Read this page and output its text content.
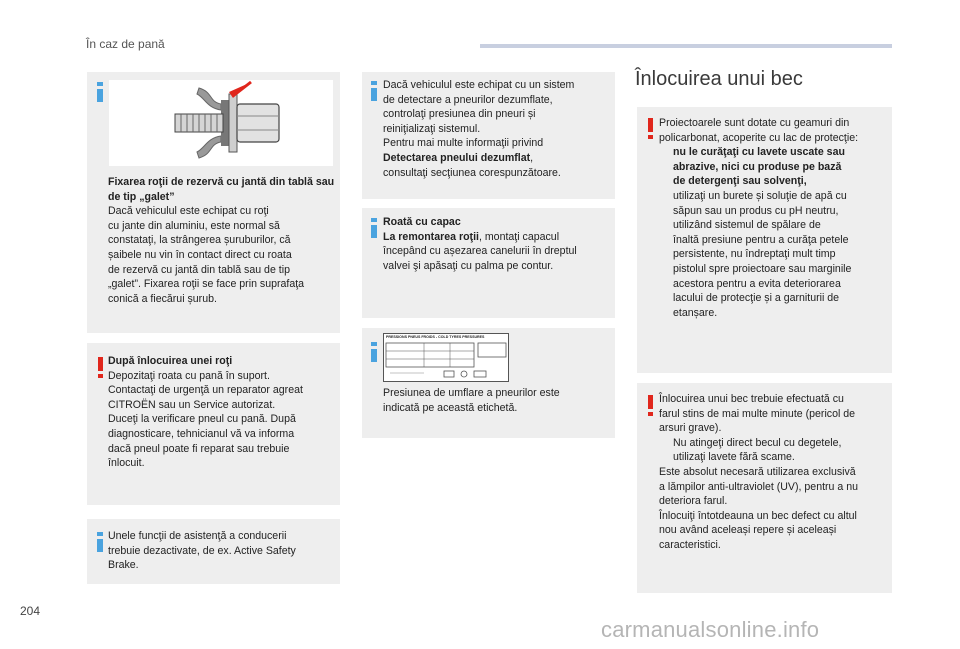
În caz de pană

Fixarea roţii de rezervă cu jantă din tablă sau de tip „galet”

Dacă vehiculul este echipat cu roţi

cu jante din aluminiu, este normal să

constataţi, la strângerea șuruburilor, că

șaibele nu vin în contact direct cu roata

de rezervă cu jantă din tablă sau de tip

„galet”. Fixarea roţii se face prin suprafaţa

conică a fiecărui șurub.

După înlocuirea unei roţi

Depozitaţi roata cu pană în suport.

Contactaţi de urgenţă un reparator agreat

CITROËN sau un Service autorizat.

Duceţi la verificare pneul cu pană. După

diagnosticare, tehnicianul vă va informa

dacă pneul poate fi reparat sau trebuie

înlocuit.

Unele funcţii de asistenţă a conducerii

trebuie dezactivate, de ex. Active Safety

Brake.

Dacă vehiculul este echipat cu un sistem

de detectare a pneurilor dezumflate,

controlaţi presiunea din pneuri și

reiniţializaţi sistemul.

Pentru mai multe informaţii privind

Detectarea pneului dezumflat,

consultaţi secţiunea corespunzătoare.

Roată cu capac

La remontarea roţii, montaţi capacul

începând cu așezarea canelurii în dreptul

valvei şi apăsaţi cu palma pe contur.

PRESSIONS PNEUS FROIDS - COLD TYRES PRESSURES

Presiunea de umflare a pneurilor este

indicată pe această etichetă.

Înlocuirea unui bec

Proiectoarele sunt dotate cu geamuri din

policarbonat, acoperite cu lac de protecţie:

nu le curăţaţi cu lavete uscate sau

abrazive, nici cu produse pe bază

de detergenţi sau solvenţi,

utilizaţi un burete și soluţie de apă cu

săpun sau un produs cu pH neutru,

utilizând sistemul de spălare de

înaltă presiune pentru a curăţa petele

persistente, nu îndreptaţi mult timp

pistolul spre proiectoare sau marginile

acestora pentru a evita deteriorarea

lacului de protecţie și a garniturii de

etanșare.

Înlocuirea unui bec trebuie efectuată cu

farul stins de mai multe minute (pericol de

arsuri grave).

Nu atingeţi direct becul cu degetele,

utilizaţi lavete fără scame.

Este absolut necesară utilizarea exclusivă

a lămpilor anti-ultraviolet (UV), pentru a nu

deteriora farul.

Înlocuiţi întotdeauna un bec defect cu altul

nou având aceleași repere și aceleași

caracteristici.

204
carmanualsonline.info
